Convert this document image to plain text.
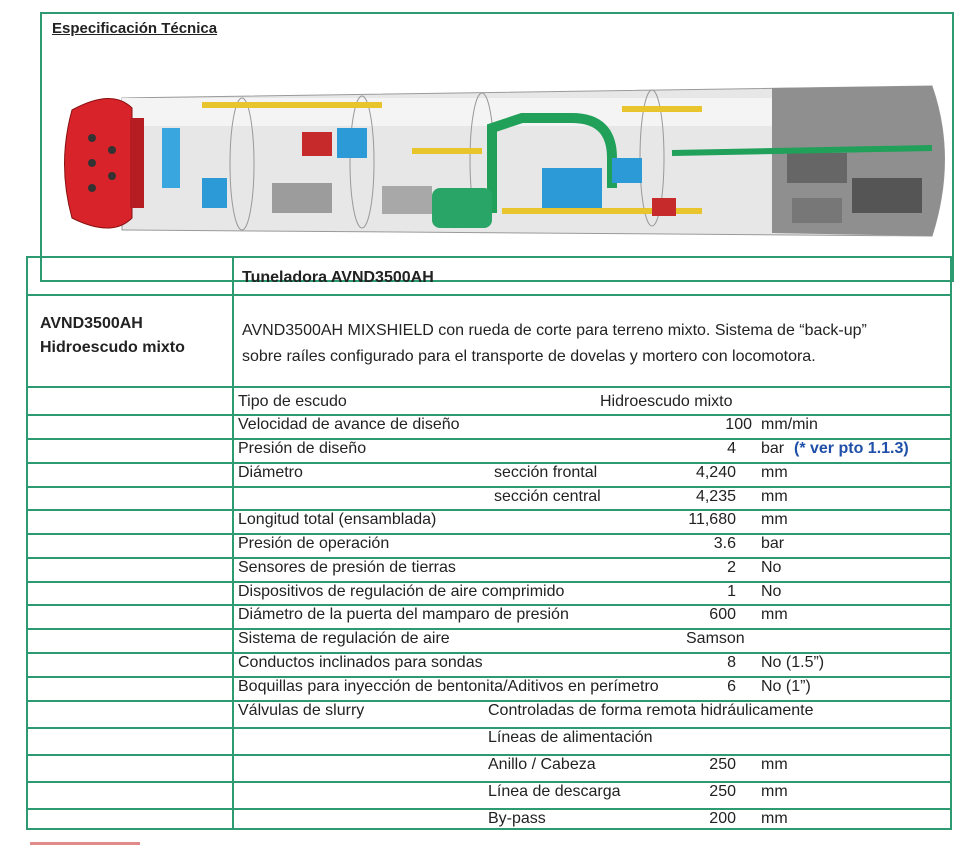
Especificación Técnica
Tuneladora AVND3500AH
AVND3500AH
Hidroescudo mixto
AVND3500AH MIXSHIELD con rueda de corte para terreno mixto. Sistema de “back-up”
sobre raíles configurado para el transporte de dovelas y mortero con locomotora.
Tipo de escudo	Hidroescudo mixto
Velocidad de avance de diseño	100 mm/min
Presión de diseño	4 bar (* ver pto 1.1.3)
Diámetro	sección frontal	4,240 mm
sección central	4,235 mm
Longitud total (ensamblada)	11,680 mm
Presión de operación	3.6 bar
Sensores de presión de tierras	2 No
Dispositivos de regulación de aire comprimido	1 No
Diámetro de la puerta del mamparo de presión	600 mm
Sistema de regulación de aire	Samson
Conductos inclinados para sondas	8 No (1.5”)
Boquillas para inyección de bentonita/Aditivos en perímetro	6 No (1”)
Válvulas de slurry	Controladas de forma remota hidráulicamente
Líneas de alimentación
Anillo / Cabeza	250 mm
Línea de descarga	250 mm
By-pass	200 mm
